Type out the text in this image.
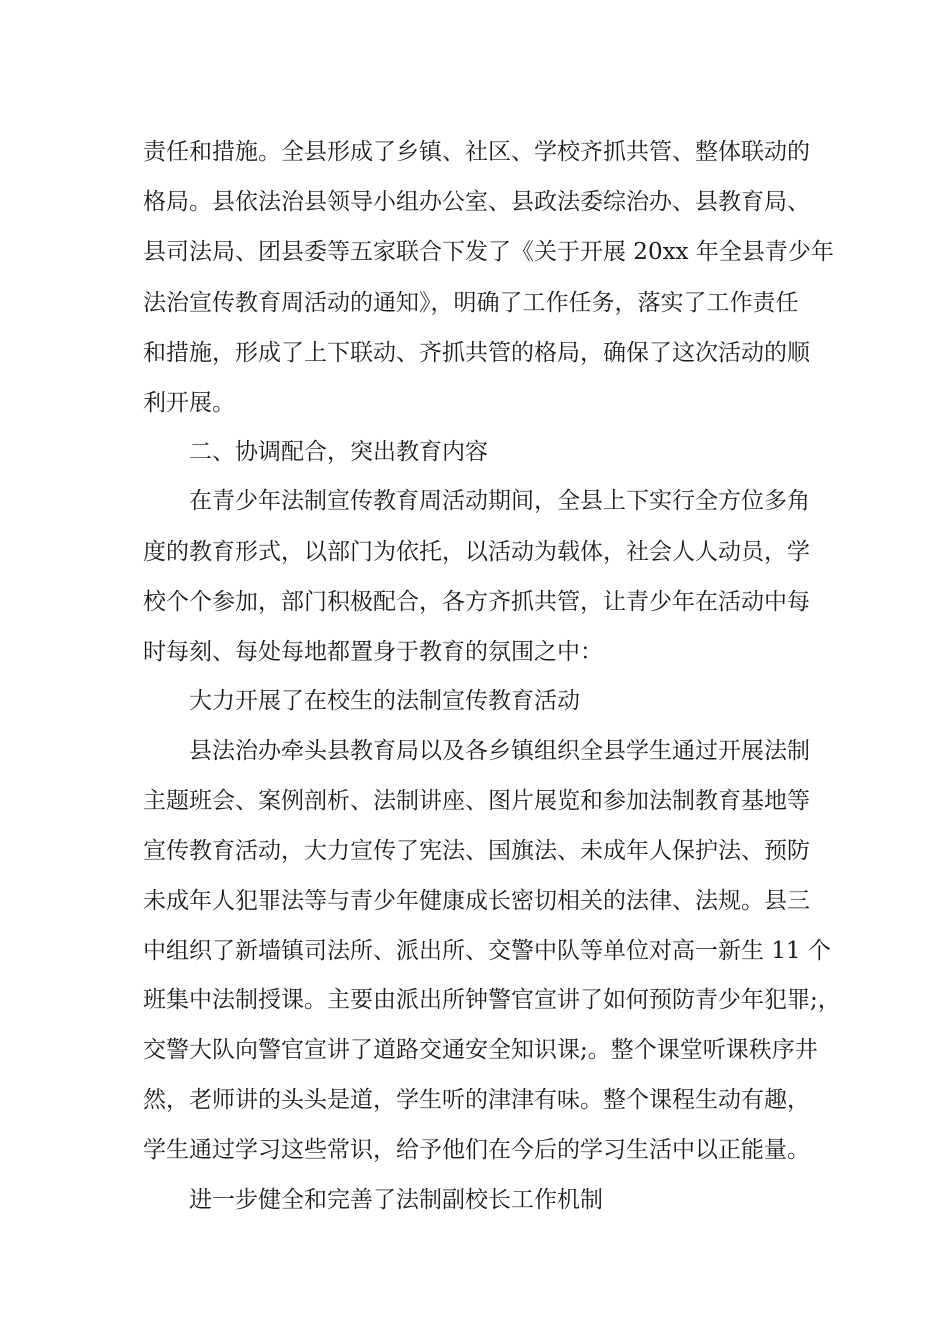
责任和措施。全县形成了乡镇、社区、学校齐抓共管、整体联动的
格局。县依法治县领导小组办公室、县政法委综治办、县教育局、
县司法局、团县委等五家联合下发了《关于开展 20xx 年全县青少年
法治宣传教育周活动的通知》，明确了工作任务，落实了工作责任
和措施，形成了上下联动、齐抓共管的格局，确保了这次活动的顺
利开展。
二、协调配合，突出教育内容
在青少年法制宣传教育周活动期间，全县上下实行全方位多角
度的教育形式，以部门为依托，以活动为载体，社会人人动员，学
校个个参加，部门积极配合，各方齐抓共管，让青少年在活动中每
时每刻、每处每地都置身于教育的氛围之中：
大力开展了在校生的法制宣传教育活动
县法治办牵头县教育局以及各乡镇组织全县学生通过开展法制
主题班会、案例剖析、法制讲座、图片展览和参加法制教育基地等
宣传教育活动，大力宣传了宪法、国旗法、未成年人保护法、预防
未成年人犯罪法等与青少年健康成长密切相关的法律、法规。县三
中组织了新墙镇司法所、派出所、交警中队等单位对高一新生 11 个
班集中法制授课。主要由派出所钟警官宣讲了如何预防青少年犯罪;，
交警大队向警官宣讲了道路交通安全知识课;。整个课堂听课秩序井
然，老师讲的头头是道，学生听的津津有味。整个课程生动有趣，
学生通过学习这些常识，给予他们在今后的学习生活中以正能量。
进一步健全和完善了法制副校长工作机制
